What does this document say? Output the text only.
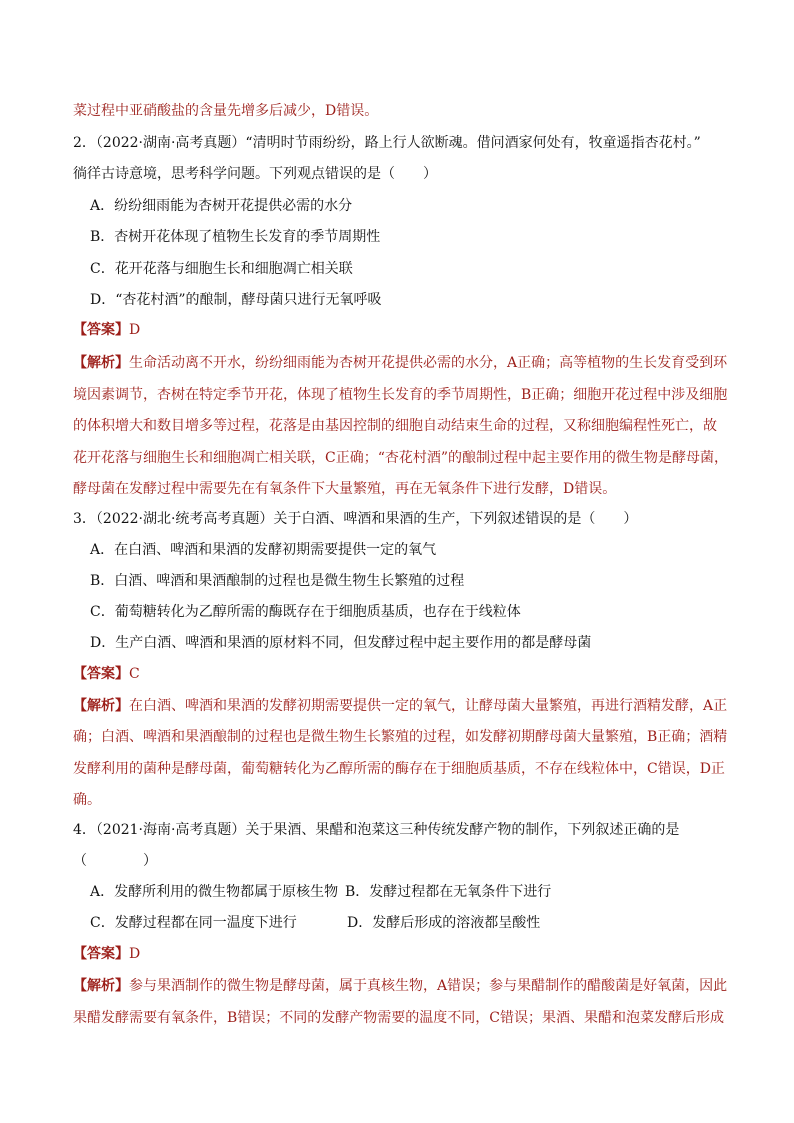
菜过程中亚硝酸盐的含量先增多后减少，D错误。
2．（2022·湖南·高考真题）“清明时节雨纷纷，路上行人欲断魂。借问酒家何处有，牧童遥指杏花村。”
徜徉古诗意境，思考科学问题。下列观点错误的是（　　）
A．纷纷细雨能为杏树开花提供必需的水分
B．杏树开花体现了植物生长发育的季节周期性
C．花开花落与细胞生长和细胞凋亡相关联
D．“杏花村酒”的酿制，酵母菌只进行无氧呼吸
【答案】D
【解析】生命活动离不开水，纷纷细雨能为杏树开花提供必需的水分，A正确；高等植物的生长发育受到环
境因素调节，杏树在特定季节开花，体现了植物生长发育的季节周期性，B正确；细胞开花过程中涉及细胞
的体积增大和数目增多等过程，花落是由基因控制的细胞自动结束生命的过程，又称细胞编程性死亡，故
花开花落与细胞生长和细胞凋亡相关联，C正确；“杏花村酒”的酿制过程中起主要作用的微生物是酵母菌，
酵母菌在发酵过程中需要先在有氧条件下大量繁殖，再在无氧条件下进行发酵，D错误。
3．（2022·湖北·统考高考真题）关于白酒、啤酒和果酒的生产，下列叙述错误的是（　　）
A．在白酒、啤酒和果酒的发酵初期需要提供一定的氧气
B．白酒、啤酒和果酒酿制的过程也是微生物生长繁殖的过程
C．葡萄糖转化为乙醇所需的酶既存在于细胞质基质，也存在于线粒体
D．生产白酒、啤酒和果酒的原材料不同，但发酵过程中起主要作用的都是酵母菌
【答案】C
【解析】在白酒、啤酒和果酒的发酵初期需要提供一定的氧气，让酵母菌大量繁殖，再进行酒精发酵，A正
确；白酒、啤酒和果酒酿制的过程也是微生物生长繁殖的过程，如发酵初期酵母菌大量繁殖，B正确；酒精
发酵利用的菌种是酵母菌，葡萄糖转化为乙醇所需的酶存在于细胞质基质，不存在线粒体中，C错误，D正
确。
4．（2021·海南·高考真题）关于果酒、果醋和泡菜这三种传统发酵产物的制作，下列叙述正确的是
（　　　　）
A．发酵所利用的微生物都属于原核生物 B．发酵过程都在无氧条件下进行
C．发酵过程都在同一温度下进行	D．发酵后形成的溶液都呈酸性
【答案】D
【解析】参与果酒制作的微生物是酵母菌，属于真核生物，A错误；参与果醋制作的醋酸菌是好氧菌，因此
果醋发酵需要有氧条件，B错误；不同的发酵产物需要的温度不同，C错误；果酒、果醋和泡菜发酵后形成
